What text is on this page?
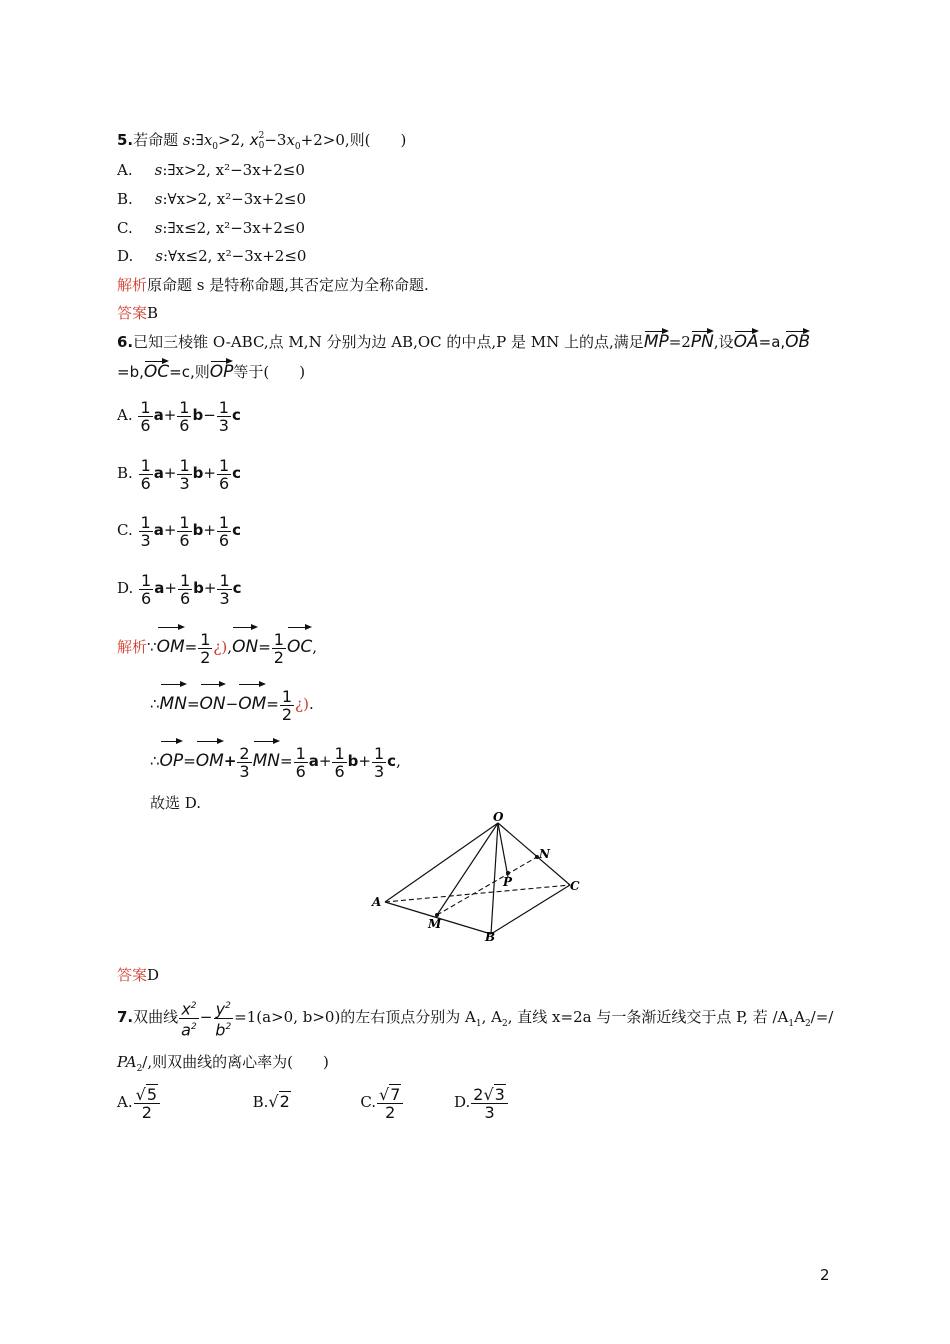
5.若命题 $s:\exists x_0>2$, x 2
$0 -3x_0+2>0$,则(　　)
A. s:∃x>2, x²−3x+2≤0
B. s:∀x>2, x²−3x+2≤0
C. s:∃x≤2, x²−3x+2≤0
D. s:∀x≤2, x²−3x+2≤0
解析原命题 s 是特称命题,其否定应为全称命题.
答案B
6.已知三棱锥 O-ABC,点 M,N 分别为边 AB,OC 的中点,P 是 MN 上的点,满足MP=2PN,设OA=a,OB
=b,OC=c,则OP等于(　　)
A. $\frac{1}{6} a+ \frac{1}{6} b- \frac{1}{3}$ c
B. $\frac{1}{6} a+ \frac{1}{3} b+ \frac{1}{6}$ c
C. $\frac{1}{3} a+ \frac{1}{6} b+ \frac{1}{6}$ c
D. $\frac{1}{6} a+ \frac{1}{6} b+ \frac{1}{3}$ c
解析∵OM= $\frac{1}{2}$ ¿)$,ON= \frac{1}{2}$ OC,
∴MN=ON−OM= $\frac{1}{2}$ ¿).
∴OP=OM+ $\frac{2}{3} MN= \frac{1}{6} a+ \frac{1}{6} b+ \frac{1}{3} c$,
故选 D.
O
N
P	C
A
M
B
答案D
7.双曲线 $\frac{x^2}{a^2} - \frac{y^2}{b^2} =1(a>0$, b>0)的左右顶点分别为 $A_1$, $A_2$, 直线 x=2a 与一条渐近线交于点 P, 若 $/A_1A_2/=/$
$PA_2/$,则双曲线的离心率为(　　)
A. $\frac{√5}{2}$	B.√2	C. $\frac{√7}{2}$	D. $\frac{2√3}{3}$
2
